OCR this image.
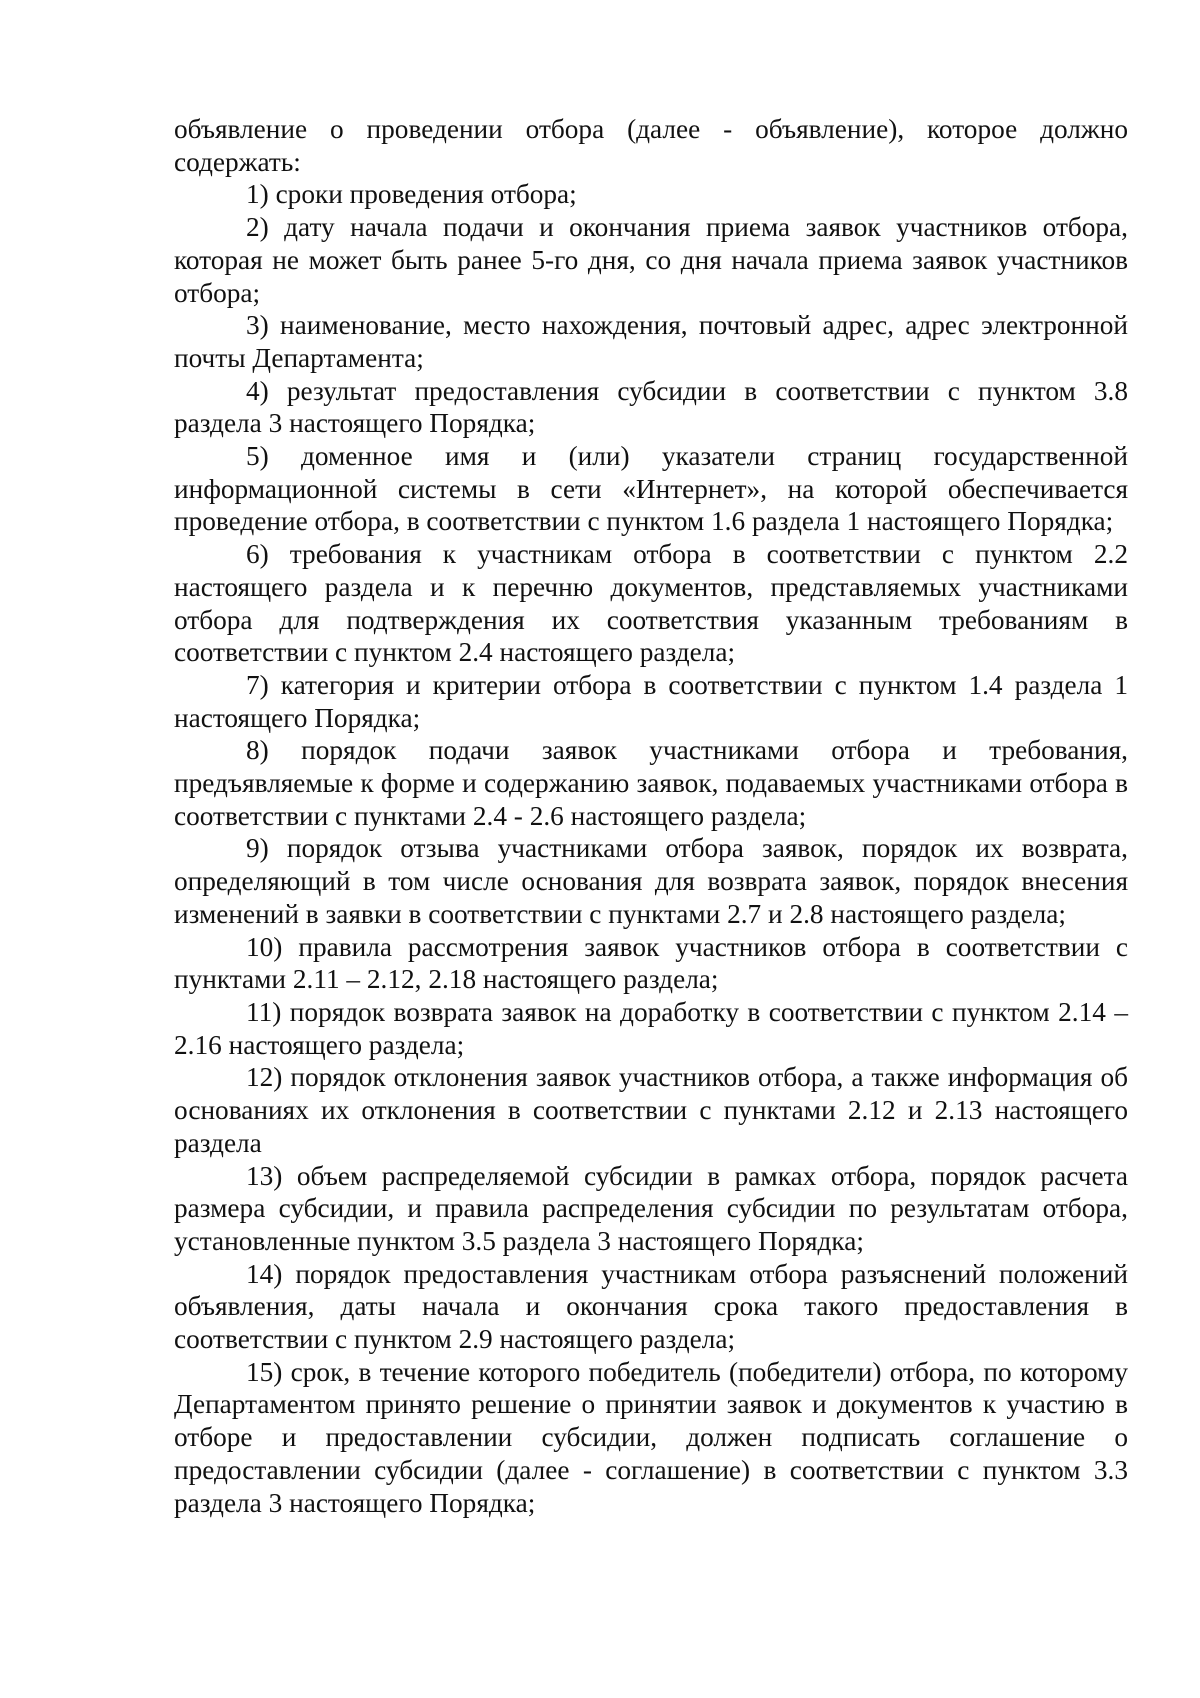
объявление о проведении отбора (далее - объявление), которое должно содержать:

1) сроки проведения отбора;

2) дату начала подачи и окончания приема заявок участников отбора, которая не может быть ранее 5-го дня, со дня начала приема заявок участников отбора;

3) наименование, место нахождения, почтовый адрес, адрес электронной почты Департамента;

4) результат предоставления субсидии в соответствии с пунктом 3.8 раздела 3 настоящего Порядка;

5) доменное имя и (или) указатели страниц государственной информационной системы в сети «Интернет», на которой обеспечивается проведение отбора, в соответствии с пунктом 1.6 раздела 1 настоящего Порядка;

6) требования к участникам отбора в соответствии с пунктом 2.2 настоящего раздела и к перечню документов, представляемых участниками отбора для подтверждения их соответствия указанным требованиям в соответствии с пунктом 2.4 настоящего раздела;

7) категория и критерии отбора в соответствии с пунктом 1.4 раздела 1 настоящего Порядка;

8) порядок подачи заявок участниками отбора и требования, предъявляемые к форме и содержанию заявок, подаваемых участниками отбора в соответствии с пунктами 2.4 - 2.6 настоящего раздела;

9) порядок отзыва участниками отбора заявок, порядок их возврата, определяющий в том числе основания для возврата заявок, порядок внесения изменений в заявки в соответствии с пунктами 2.7 и 2.8 настоящего раздела;

10) правила рассмотрения заявок участников отбора в соответствии с пунктами 2.11 – 2.12, 2.18 настоящего раздела;

11) порядок возврата заявок на доработку в соответствии с пунктом 2.14 – 2.16 настоящего раздела;

12) порядок отклонения заявок участников отбора, а также информация об основаниях их отклонения в соответствии с пунктами 2.12 и 2.13 настоящего раздела

13) объем распределяемой субсидии в рамках отбора, порядок расчета размера субсидии, и правила распределения субсидии по результатам отбора, установленные пунктом 3.5 раздела 3 настоящего Порядка;

14) порядок предоставления участникам отбора разъяснений положений объявления, даты начала и окончания срока такого предоставления в соответствии с пунктом 2.9 настоящего раздела;

15) срок, в течение которого победитель (победители) отбора, по которому Департаментом принято решение о принятии заявок и документов к участию в отборе и предоставлении субсидии, должен подписать соглашение о предоставлении субсидии (далее - соглашение) в соответствии с пунктом 3.3 раздела 3 настоящего Порядка;
